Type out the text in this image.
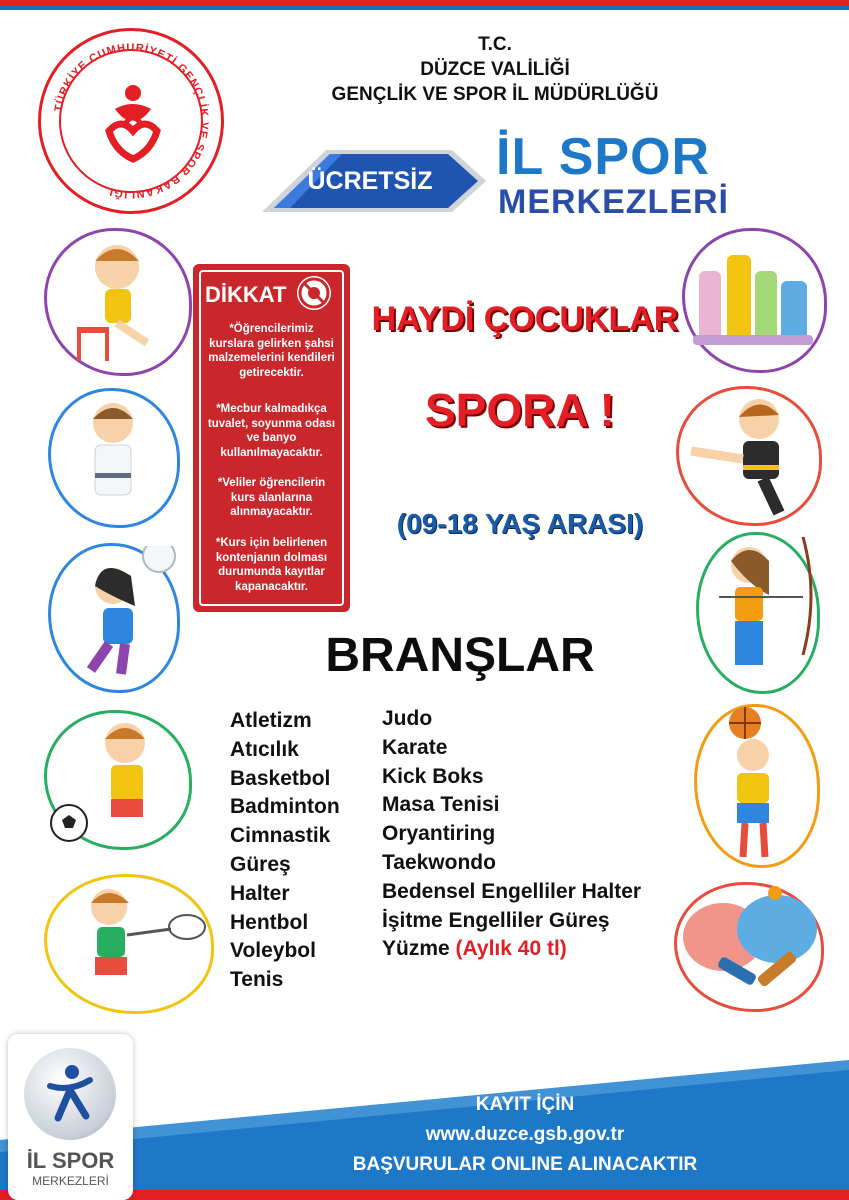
TÜRKİYE CUMHURİYETİ GENÇLİK VE SPOR BAKANLIĞI
T.C.
DÜZCE VALİLİĞİ
GENÇLİK VE SPOR İL MÜDÜRLÜĞÜ
ÜCRETSİZ	İL SPOR
MERKEZLERİ
DİKKAT
*Öğrencilerimiz kurslara gelirken şahsi malzemelerini kendileri getirecektir.
*Mecbur kalmadıkça tuvalet, soyunma odası ve banyo kullanılmayacaktır.
*Veliler öğrencilerin kurs alanlarına alınmayacaktır.
*Kurs için belirlenen kontenjanın dolması durumunda kayıtlar kapanacaktır.
HAYDİ ÇOCUKLAR
SPORA !
(09-18 YAŞ ARASI)
BRANŞLAR
Atletizm
Atıcılık
Basketbol
Badminton
Cimnastik
Güreş
Halter
Hentbol
Voleybol
Tenis
Judo
Karate
Kick Boks
Masa Tenisi
Oryantiring
Taekwondo
Bedensel Engelliler Halter
İşitme Engelliler Güreş
Yüzme (Aylık 40 tl)
KAYIT İÇİN
www.duzce.gsb.gov.tr
BAŞVURULAR ONLINE ALINACAKTIR
İL SPOR
MERKEZLERİ
